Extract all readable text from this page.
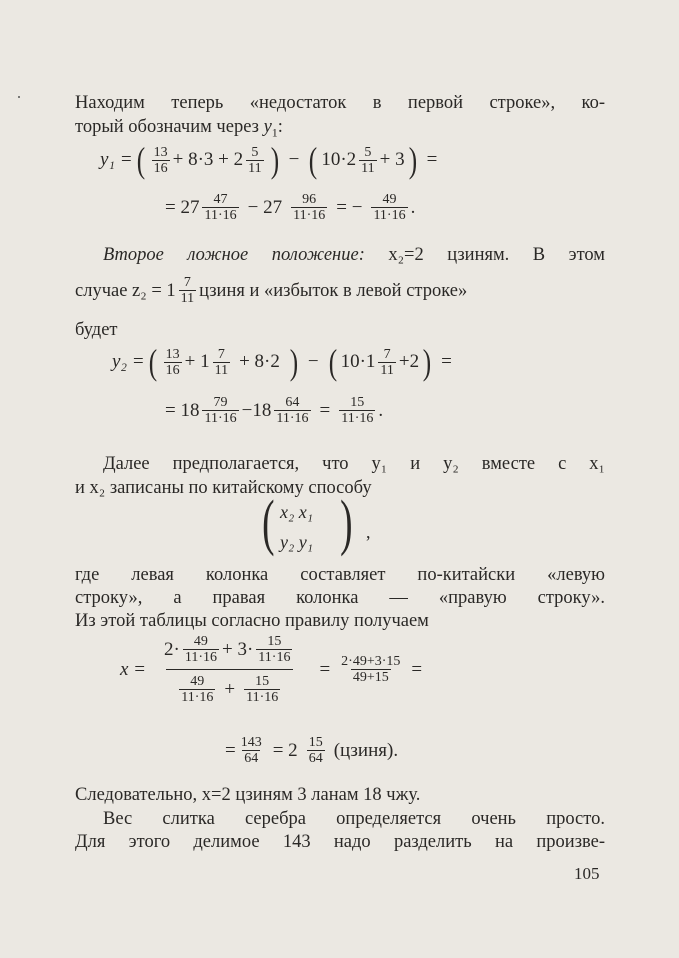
Находим теперь «недостаток в первой строке», ко-
торый обозначим через $y_1$:
y₁ = ( $\frac{13}{16} + 8\cdot 3 + 2 \frac{5}{11}$ ) − ( $10\cdot 2 \frac{5}{11} + 3$ ) =
= $27 \frac{47}{11\cdot 16} - 27 \frac{96}{11\cdot 16}$ = − $\frac{49}{11\cdot 16}$ .
Второе ложное положение: x₂=2 цзиням. В этом
случае $z_2 = 1 \frac{7}{11}$ цзиня и «избыток в левой строке»
будет
y₂ = ( $\frac{13}{16} + 1 \frac{7}{11} + 8\cdot 2$ ) − ( $10\cdot 1 \frac{7}{11} +2$ ) =
= $18 \frac{79}{11\cdot 16} -18 \frac{64}{11\cdot 16} = \frac{15}{11\cdot 16}$ .
Далее предполагается, что y₁ и y₂ вместе с x₁
и x₂ записаны по китайскому способу
( x₂ x₁
y₂ y₁ ) ,
где левая колонка составляет по-китайски «левую
строку», а правая колонка — «правую строку».
Из этой таблицы согласно правилу получаем
$x = \frac{2\cdot \frac{49}{11\cdot 16} + 3\cdot \frac{15}{11\cdot 16}}{\frac{49}{11\cdot 16} + \frac{15}{11\cdot 16}} = \frac{2\cdot 49+3\cdot 15}{49+15}$ =
= $\frac{143}{64} = 2 \frac{15}{64}$ (цзиня).
Следовательно, x=2 цзиням 3 ланам 18 чжу.
Вес слитка серебра определяется очень просто.
Для этого делимое 143 надо разделить на произве-
105
